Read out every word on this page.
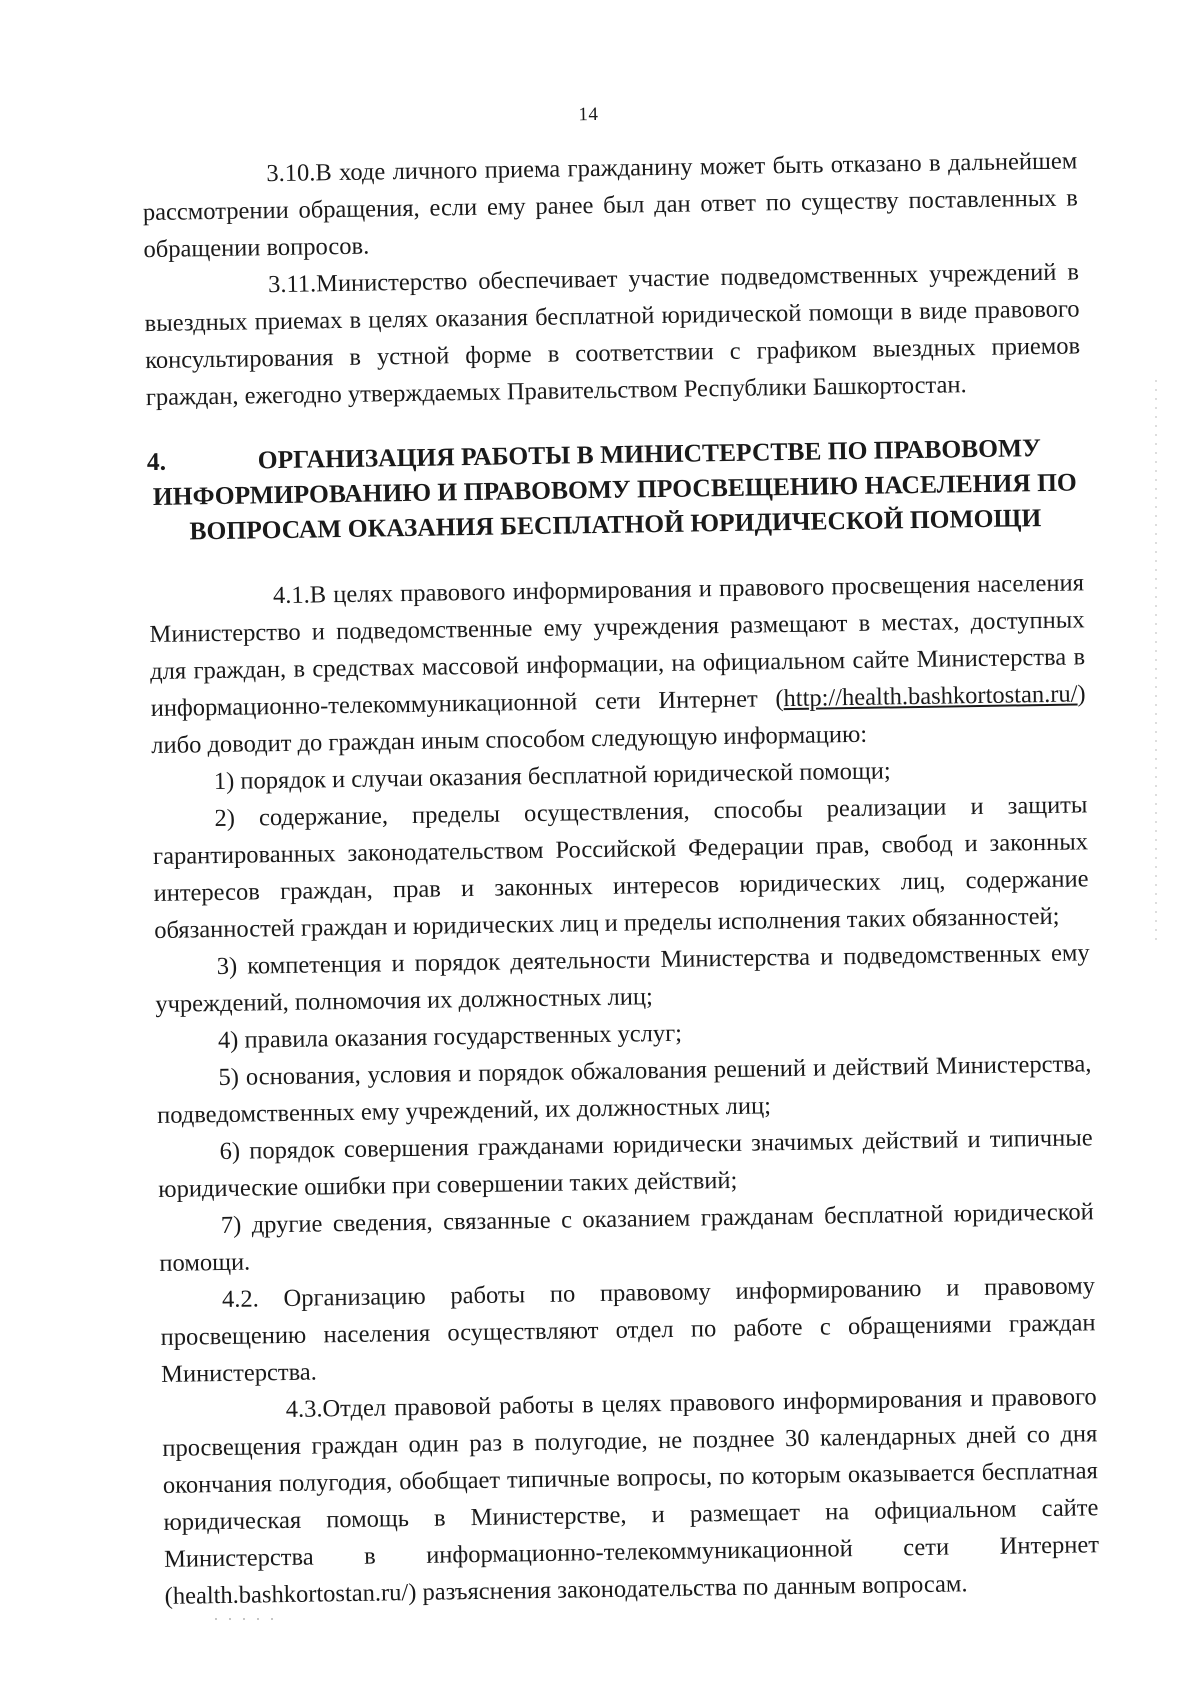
14

3.10.В ходе личного приема гражданину может быть отказано в дальнейшем рассмотрении обращения, если ему ранее был дан ответ по существу поставленных в обращении вопросов.

3.11.Министерство обеспечивает участие подведомственных учреждений в выездных приемах в целях оказания бесплатной юридической помощи в виде правового консультирования в устной форме в соответствии с графиком выездных приемов граждан, ежегодно утверждаемых Правительством Республики Башкортостан.

4.	ОРГАНИЗАЦИЯ РАБОТЫ В МИНИСТЕРСТВЕ ПО ПРАВОВОМУ ИНФОРМИРОВАНИЮ И ПРАВОВОМУ ПРОСВЕЩЕНИЮ НАСЕЛЕНИЯ ПО ВОПРОСАМ ОКАЗАНИЯ БЕСПЛАТНОЙ ЮРИДИЧЕСКОЙ ПОМОЩИ

4.1.В целях правового информирования и правового просвещения населения Министерство и подведомственные ему учреждения размещают в местах, доступных для граждан, в средствах массовой информации, на официальном сайте Министерства в информационно-телекоммуникационной сети Интернет (http://health.bashkortostan.ru/) либо доводит до граждан иным способом следующую информацию:

1) порядок и случаи оказания бесплатной юридической помощи;

2) содержание, пределы осуществления, способы реализации и защиты гарантированных законодательством Российской Федерации прав, свобод и законных интересов граждан, прав и законных интересов юридических лиц, содержание обязанностей граждан и юридических лиц и пределы исполнения таких обязанностей;

3) компетенция и порядок деятельности Министерства и подведомственных ему учреждений, полномочия их должностных лиц;

4) правила оказания государственных услуг;

5) основания, условия и порядок обжалования решений и действий Министерства, подведомственных ему учреждений, их должностных лиц;

6) порядок совершения гражданами юридически значимых действий и типичные юридические ошибки при совершении таких действий;

7) другие сведения, связанные с оказанием гражданам бесплатной юридической помощи.

4.2. Организацию работы по правовому информированию и правовому просвещению населения осуществляют отдел по работе с обращениями граждан Министерства.

4.3.Отдел правовой работы в целях правового информирования и правового просвещения граждан один раз в полугодие, не позднее 30 календарных дней со дня окончания полугодия, обобщает типичные вопросы, по которым оказывается бесплатная юридическая помощь в Министерстве, и размещает на официальном сайте Министерства в информационно-телекоммуникационной сети Интернет (health.bashkortostan.ru/) разъяснения законодательства по данным вопросам.
